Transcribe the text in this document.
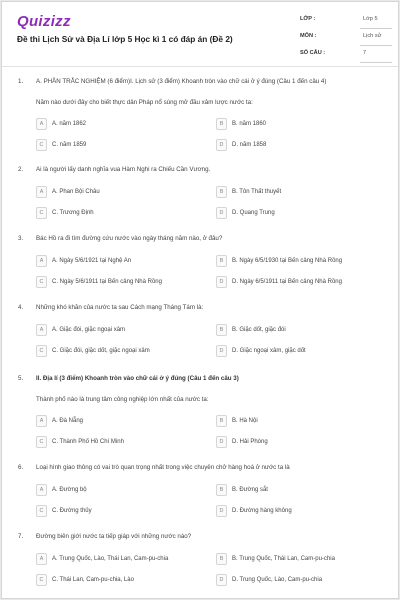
Quizizz
Đề thi Lịch Sử và Địa Lí lớp 5 Học kì 1 có đáp án (Đề 2)
LỚP :	Lớp 5
MÔN :	Lịch sử
SỐ CÂU :	7
1. A. PHẦN TRẮC NGHIỆM (6 điểm)I. Lịch sử (3 điểm) Khoanh tròn vào chữ cái ở ý đúng (Câu 1 đến câu 4)
Năm nào dưới đây cho biết thực dân Pháp nổ súng mở đầu xâm lược nước ta:
A	A. năm 1862	B	B. năm 1860
C	C. năm 1859	D	D. năm 1858
2. Ai là người lấy danh nghĩa vua Hàm Nghi ra Chiếu Cần Vương.
A	A. Phan Bội Châu	B	B. Tôn Thất thuyết
C	C. Trương Định	D	D. Quang Trung
3. Bác Hồ ra đi tìm đường cứu nước vào ngày tháng năm nào, ở đâu?
A	A. Ngày 5/6/1921 tại Nghệ An	B	B. Ngày 6/5/1930 tại Bến cảng Nhà Rồng
C	C. Ngày 5/6/1911 tại Bến cảng Nhà Rồng	D	D. Ngày 6/5/1911 tại Bến cảng Nhà Rồng
4. Những khó khăn của nước ta sau Cách mạng Tháng Tám là:
A	A. Giặc đói, giặc ngoại xâm	B	B. Giặc dốt, giặc đói
C	C. Giặc đói, giặc dốt, giặc ngoại xâm	D	D. Giặc ngoại xâm, giặc dốt
5. II. Địa lí (3 điểm) Khoanh tròn vào chữ cái ở ý đúng (Câu 1 đến câu 3)
Thành phố nào là trung tâm công nghiệp lớn nhất của nước ta:
A	A. Đà Nẵng	B	B. Hà Nội
C	C. Thành Phố Hồ Chí Minh	D	D. Hải Phòng
6. Loại hình giao thông có vai trò quan trọng nhất trong việc chuyên chở hàng hoá ở nước ta là
A	A. Đường bộ	B	B. Đường sắt
C	C. Đường thủy	D	D. Đường hàng không
7. Đường biên giới nước ta tiếp giáp với những nước nào?
A	A. Trung Quốc, Lào, Thái Lan, Cam-pu-chia	B	B. Trung Quốc, Thái Lan, Cam-pu-chia
C	C. Thái Lan, Cam-pu-chia, Lào	D	D. Trung Quốc, Lào, Cam-pu-chia
